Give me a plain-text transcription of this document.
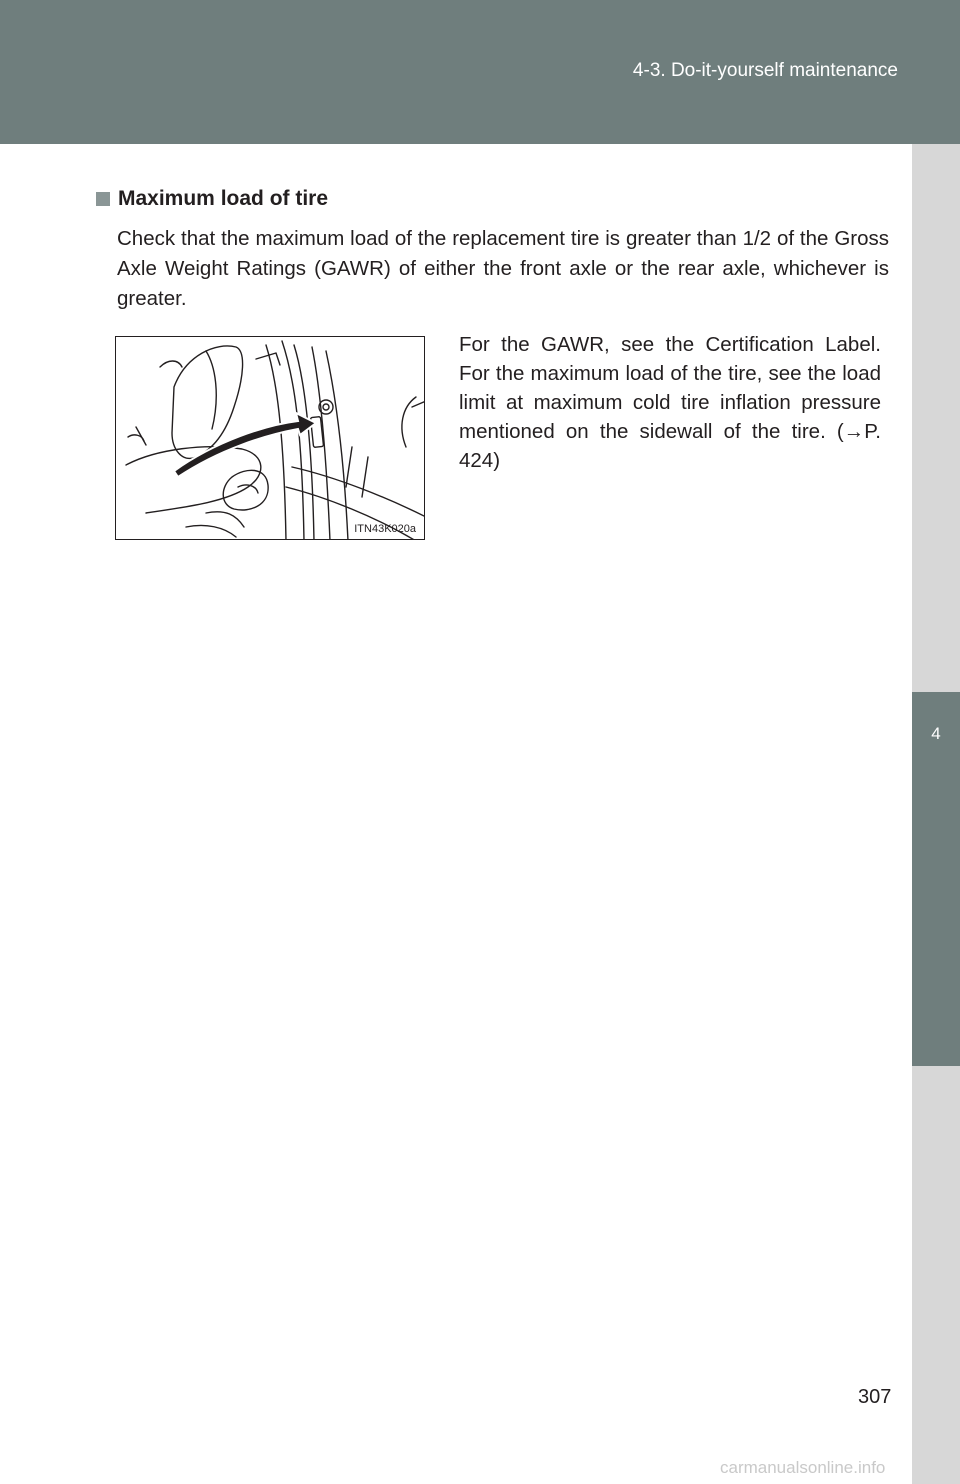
4-3. Do-it-yourself maintenance
4
Maintenance and care
Maximum load of tire
Check that the maximum load of the replacement tire is greater than 1/2 of the Gross Axle Weight Ratings (GAWR) of either the front axle or the rear axle, whichever is greater.
ITN43K020a
For the GAWR, see the Certification Label. For the maximum load of the tire, see the load limit at maximum cold tire inflation pressure mentioned on the sidewall of the tire. (→P. 424)
307
carmanualsonline.info
